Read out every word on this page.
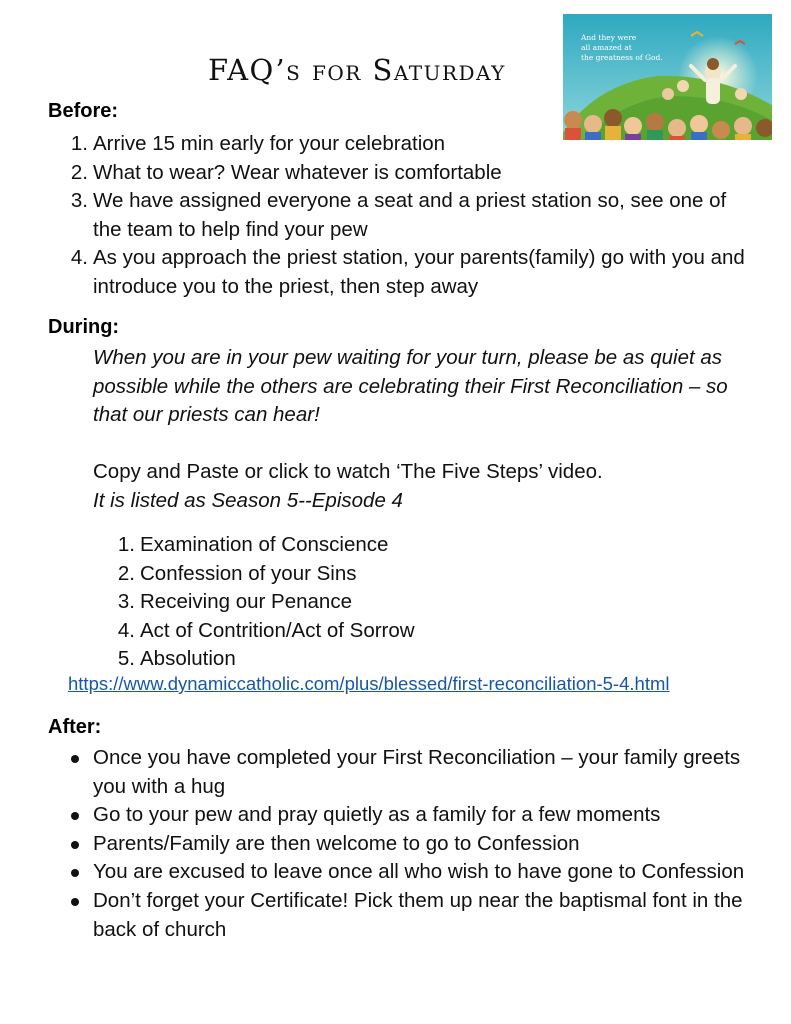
FAQ’s for Saturday
And they were
all amazed at
the greatness of God.
Before:
1. Arrive 15 min early for your celebration
2. What to wear? Wear whatever is comfortable
3. We have assigned everyone a seat and a priest station so, see one of the team to help find your pew
4. As you approach the priest station, your parents(family) go with you and introduce you to the priest, then step away
During:
When you are in your pew waiting for your turn, please be as quiet as possible while the others are celebrating their First Reconciliation – so that our priests can hear!
Copy and Paste or click to watch ‘The Five Steps’ video.
It is listed as Season 5--Episode 4
1. Examination of Conscience
2. Confession of your Sins
3. Receiving our Penance
4. Act of Contrition/Act of Sorrow
5. Absolution
https://www.dynamiccatholic.com/plus/blessed/first-reconciliation-5-4.html
After:
Once you have completed your First Reconciliation – your family greets you with a hug
Go to your pew and pray quietly as a family for a few moments
Parents/Family are then welcome to go to Confession
You are excused to leave once all who wish to have gone to Confession
Don’t forget your Certificate! Pick them up near the baptismal font in the back of church
